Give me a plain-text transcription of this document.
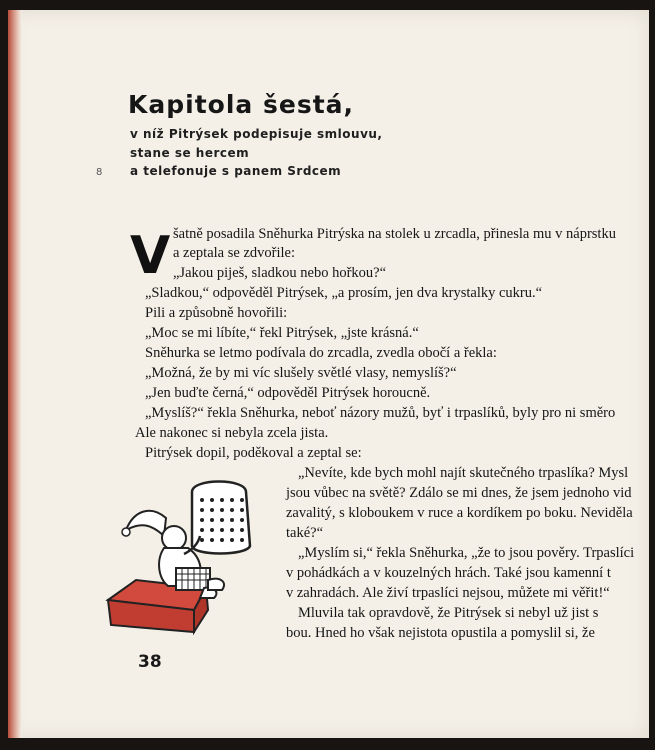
Kapitola šestá,
v níž Pitrýsek podepisuje smlouvu,
stane se hercem
a telefonuje s panem Srdcem
8
V šatně posadila Sněhurka Pitrýska na stolek u zrcadla, přinesla mu v náprstku
a zeptala se zdvořile:
„Jakou piješ, sladkou nebo hořkou?“
„Sladkou,“ odpověděl Pitrýsek, „a prosím, jen dva krystalky cukru.“
Pili a způsobně hovořili:
„Moc se mi líbíte,“ řekl Pitrýsek, „jste krásná.“
Sněhurka se letmo podívala do zrcadla, zvedla obočí a řekla:
„Možná, že by mi víc slušely světlé vlasy, nemyslíš?“
„Jen buďte černá,“ odpověděl Pitrýsek horoucně.
„Myslíš?“ řekla Sněhurka, neboť názory mužů, byť i trpaslíků, byly pro ni směro
Ale nakonec si nebyla zcela jista.
Pitrýsek dopil, poděkoval a zeptal se:
„Nevíte, kde bych mohl najít skutečného trpaslíka? Mysl
jsou vůbec na světě? Zdálo se mi dnes, že jsem jednoho vid
zavalitý, s kloboukem v ruce a kordíkem po boku. Neviděla
také?“
„Myslím si,“ řekla Sněhurka, „že to jsou pověry. Trpaslíci
v pohádkách a v kouzelných hrách. Také jsou kamenní t
v zahradách. Ale živí trpaslíci nejsou, můžete mi věřit!“
Mluvila tak opravdově, že Pitrýsek si nebyl už jist s
bou. Hned ho však nejistota opustila a pomyslil si, že
38
